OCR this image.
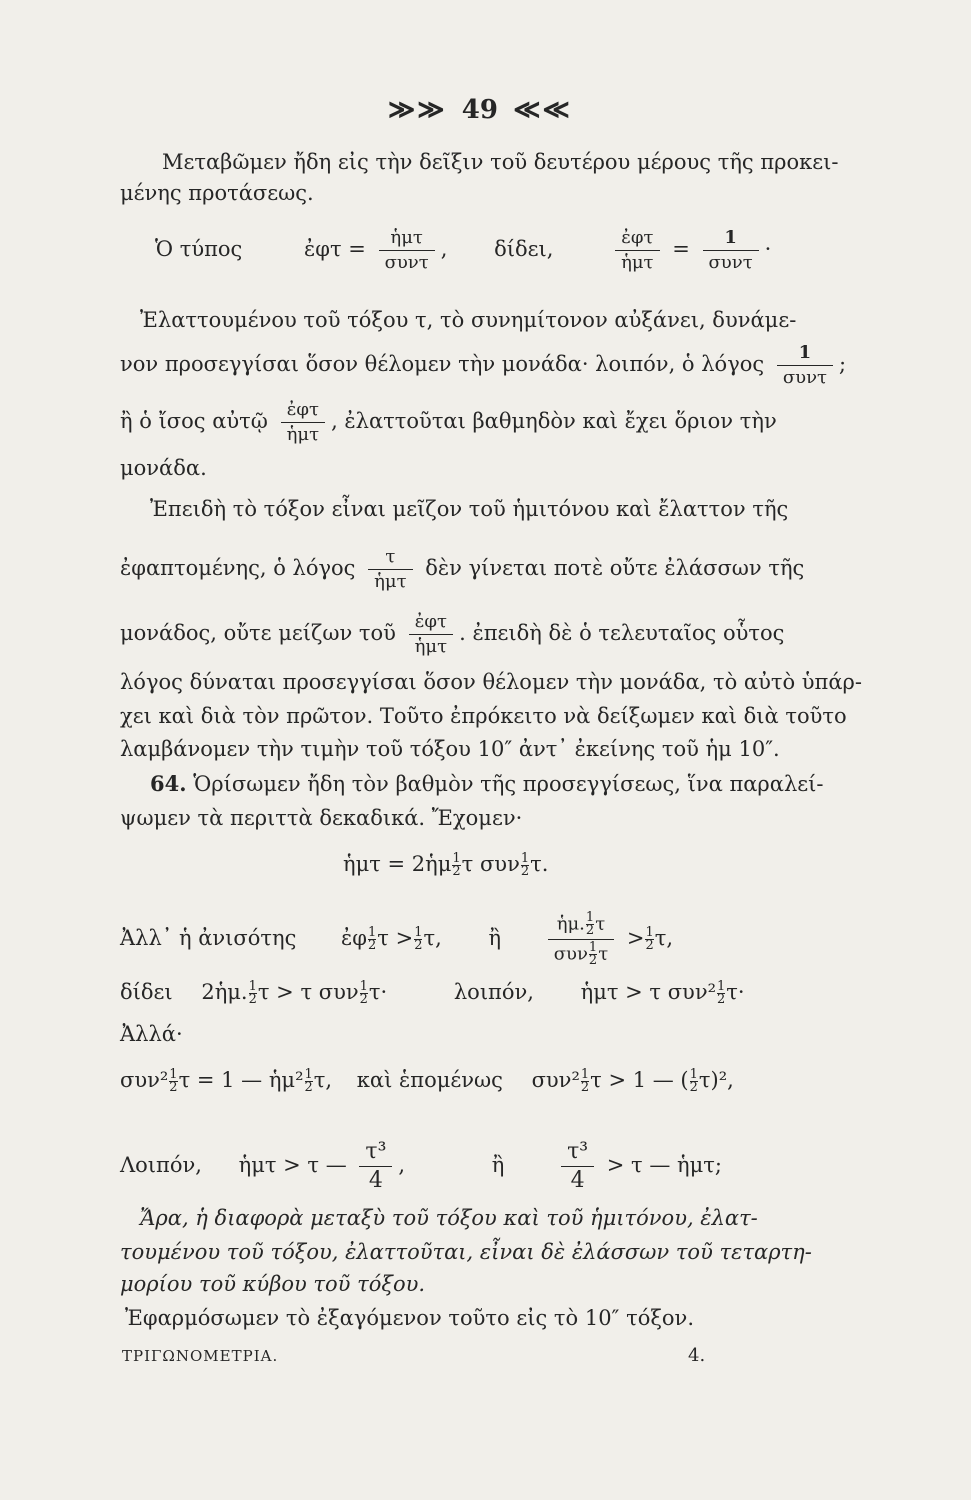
≫≫ 49 ≪≪
Μεταβῶμεν ἤδη εἰς τὴν δεῖξιν τοῦ δευτέρου μέρους τῆς προκει-
μένης προτάσεως.
Ὁ τύπος	ἐφτ = $\frac{\text{ἡμτ}}{\text{συντ}}$ , δίδει,	$\frac{\text{ἐφτ}}{\text{ἡμτ}} = \frac{1}{\text{συντ}}$ ·
Ἐλαττουμένου τοῦ τόξου τ, τὸ συνημίτονον αὐξάνει, δυνάμε-
νον προσεγγίσαι ὅσον θέλομεν τὴν μονάδα· λοιπόν, ὁ λόγος $\frac{1}{\text{συντ}}$ ;
ἢ ὁ ἴσος αὐτῷ $\frac{\text{ἐφτ}}{\text{ἡμτ}}$ , ἐλαττοῦται βαθμηδὸν καὶ ἔχει ὅριον τὴν
μονάδα.
Ἐπειδὴ τὸ τόξον εἶναι μεῖζον τοῦ ἡμιτόνου καὶ ἔλαττον τῆς
ἐφαπτομένης, ὁ λόγος $\frac{\tau}{\text{ἡμτ}}$ δὲν γίνεται ποτὲ οὔτε ἐλάσσων τῆς
μονάδος, οὔτε μείζων τοῦ $\frac{\text{ἐφτ}}{\text{ἡμτ}}$ . ἐπειδὴ δὲ ὁ τελευταῖος οὗτος
λόγος δύναται προσεγγίσαι ὅσον θέλομεν τὴν μονάδα, τὸ αὐτὸ ὑπάρ-
χει καὶ διὰ τὸν πρῶτον. Τοῦτο ἐπρόκειτο νὰ δείξωμεν καὶ διὰ τοῦτο
λαμβάνομεν τὴν τιμὴν τοῦ τόξου 10″ ἀντ᾽ ἐκείνης τοῦ ἡμ 10″.
64. Ὁρίσωμεν ἤδη τὸν βαθμὸν τῆς προσεγγίσεως, ἵνα παραλεί-
ψωμεν τὰ περιττὰ δεκαδικά. Ἔχομεν·
ἡμτ = 2ἡμ $\frac{1}{2}$ τ συν $\frac{1}{2} \tau$.
Ἀλλ᾽ ἡ ἀνισότης ἐφ $\frac{1}{2}$ $\tau > \frac{1}{2} \tau$, ἢ	$\frac{ἡ\mu. \frac{1}{2} \tau}{\sigma\upsilon\nu \frac{1}{2} \tau} > \frac{1}{2} \tau$,
δίδει 2ἡμ. $\frac{1}{2}$ τ > τ συν $\frac{1}{2} \tau\cdot$	λοιπόν, ἡμτ > τ $\sigma\upsilon\nu^2 \frac{1}{2} \tau\cdot$
Ἀλλά·
$\sigma\upsilon\nu^2 \frac{1}{2}$ τ = 1 — ἡμ² $\frac{1}{2} \tau$, καὶ ἑπομένως $\sigma\upsilon\nu^2 \frac{1}{2}$ τ > 1 — ( $\frac{1}{2} \tau)^2$,
Λοιπόν, ἡμτ > τ — $\frac{\text{τ³}}{4}$ ,	ἢ	$\frac{\text{τ³}}{4} > \tau$ — ἡμτ;
Ἄρα, ἡ διαφορὰ μεταξὺ τοῦ τόξου καὶ τοῦ ἡμιτόνου, ἐλατ-
τουμένου τοῦ τόξου, ἐλαττοῦται, εἶναι δὲ ἐλάσσων τοῦ τεταρτη-
μορίου τοῦ κύβου τοῦ τόξου.
Ἐφαρμόσωμεν τὸ ἐξαγόμενον τοῦτο εἰς τὸ 10″ τόξον.
ΤΡΙΓΩΝΟΜΕΤΡΙΑ.	4.
